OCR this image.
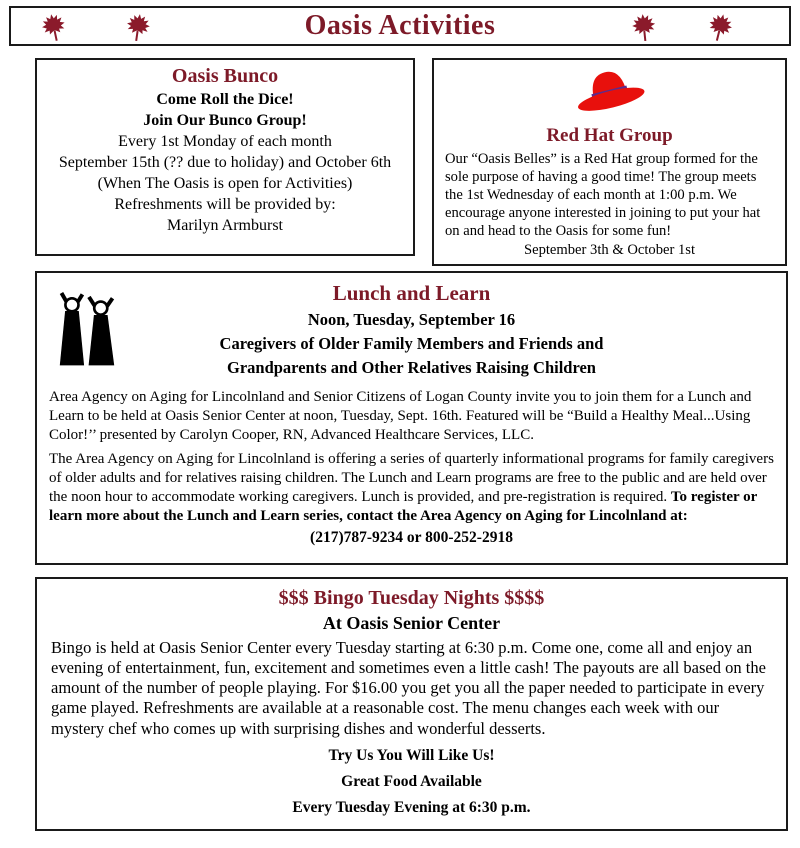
Oasis Activities
Oasis Bunco

Come Roll the Dice!

Join Our Bunco Group!

Every 1st Monday of each month

September 15th (?? due to holiday) and October 6th

(When The Oasis is open for Activities)

Refreshments will be provided by:

Marilyn Armburst

Red Hat Group

Our “Oasis Belles” is a Red Hat group formed for the sole purpose of having a good time! The group meets the 1st Wednesday of each month at 1:00 p.m. We encourage anyone interested in joining to put your hat on and head to the Oasis for some fun!

September 3th & October 1st

Lunch and Learn

Noon, Tuesday, September 16

Caregivers of Older Family Members and Friends and

Grandparents and Other Relatives Raising Children

Area Agency on Aging for Lincolnland and Senior Citizens of Logan County invite you to join them for a Lunch and Learn to be held at Oasis Senior Center at noon, Tuesday, Sept. 16th. Featured will be “Build a Healthy Meal...Using Color!’’ presented by Carolyn Cooper, RN, Advanced Healthcare Services, LLC.

The Area Agency on Aging for Lincolnland is offering a series of quarterly informational programs for family caregivers of older adults and for relatives raising children. The Lunch and Learn programs are free to the public and are held over the noon hour to accommodate working caregivers. Lunch is provided, and pre-registration is required. To register or learn more about the Lunch and Learn series, contact the Area Agency on Aging for Lincolnland at:

(217)787-9234 or 800-252-2918

$$$ Bingo Tuesday Nights $$$$

At Oasis Senior Center

Bingo is held at Oasis Senior Center every Tuesday starting at 6:30 p.m. Come one, come all and enjoy an evening of entertainment, fun, excitement and sometimes even a little cash! The payouts are all based on the amount of the number of people playing. For $16.00 you get you all the paper needed to participate in every game played. Refreshments are available at a reasonable cost. The menu changes each week with our mystery chef who comes up with surprising dishes and wonderful desserts.

Try Us You Will Like Us!

Great Food Available

Every Tuesday Evening at 6:30 p.m.
